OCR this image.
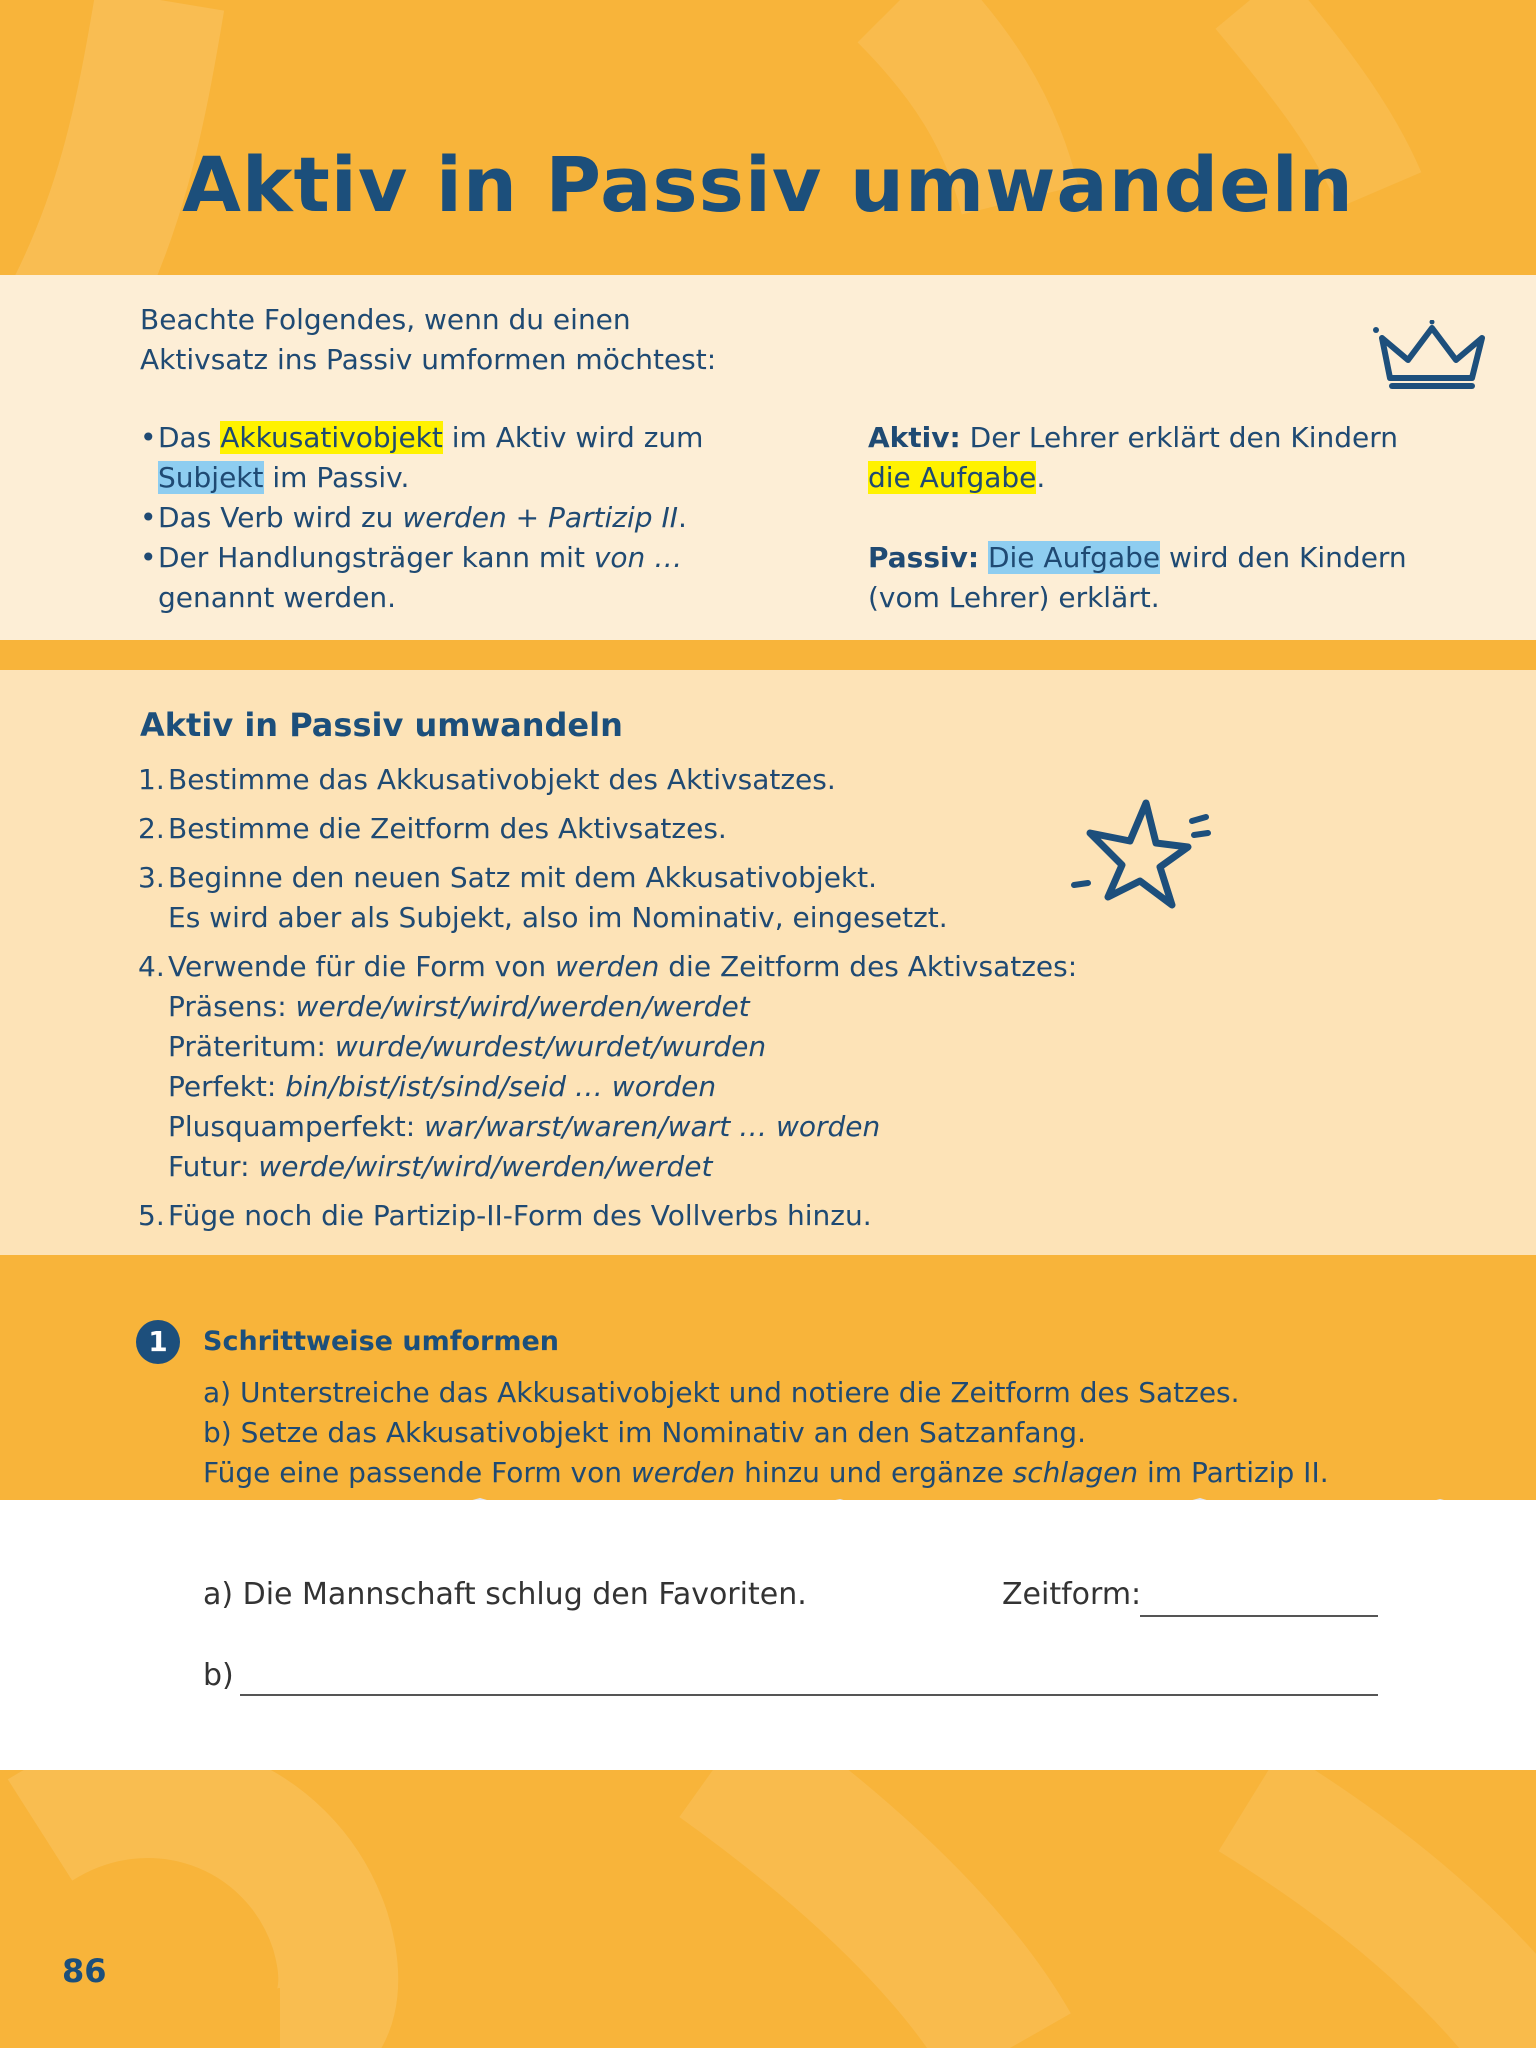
Aktiv in Passiv umwandeln

Beachte Folgendes, wenn du einen
Aktivsatz ins Passiv umformen möchtest:

• Das Akkusativobjekt im Aktiv wird zum Subjekt im Passiv.
• Das Verb wird zu werden + Partizip II.
• Der Handlungsträger kann mit von … genannt werden.

Aktiv: Der Lehrer erklärt den Kindern die Aufgabe.

Passiv: Die Aufgabe wird den Kindern (vom Lehrer) erklärt.

Aktiv in Passiv umwandeln
1. Bestimme das Akkusativobjekt des Aktivsatzes.
2. Bestimme die Zeitform des Aktivsatzes.
3. Beginne den neuen Satz mit dem Akkusativobjekt.
Es wird aber als Subjekt, also im Nominativ, eingesetzt.
4. Verwende für die Form von werden die Zeitform des Aktivsatzes:
Präsens: werde/wirst/wird/werden/werdet
Präteritum: wurde/wurdest/wurdet/wurden
Perfekt: bin/bist/ist/sind/seid … worden
Plusquamperfekt: war/warst/waren/wart … worden
Futur: werde/wirst/wird/werden/werdet
5. Füge noch die Partizip-II-Form des Vollverbs hinzu.
1	Schrittweise umformen

a) Unterstreiche das Akkusativobjekt und notiere die Zeitform des Satzes.

b) Setze das Akkusativobjekt im Nominativ an den Satzanfang.

Füge eine passende Form von werden hinzu und ergänze schlagen im Partizip II.

a) Die Mannschaft schlug den Favoriten.	Zeitform:
b)
86
